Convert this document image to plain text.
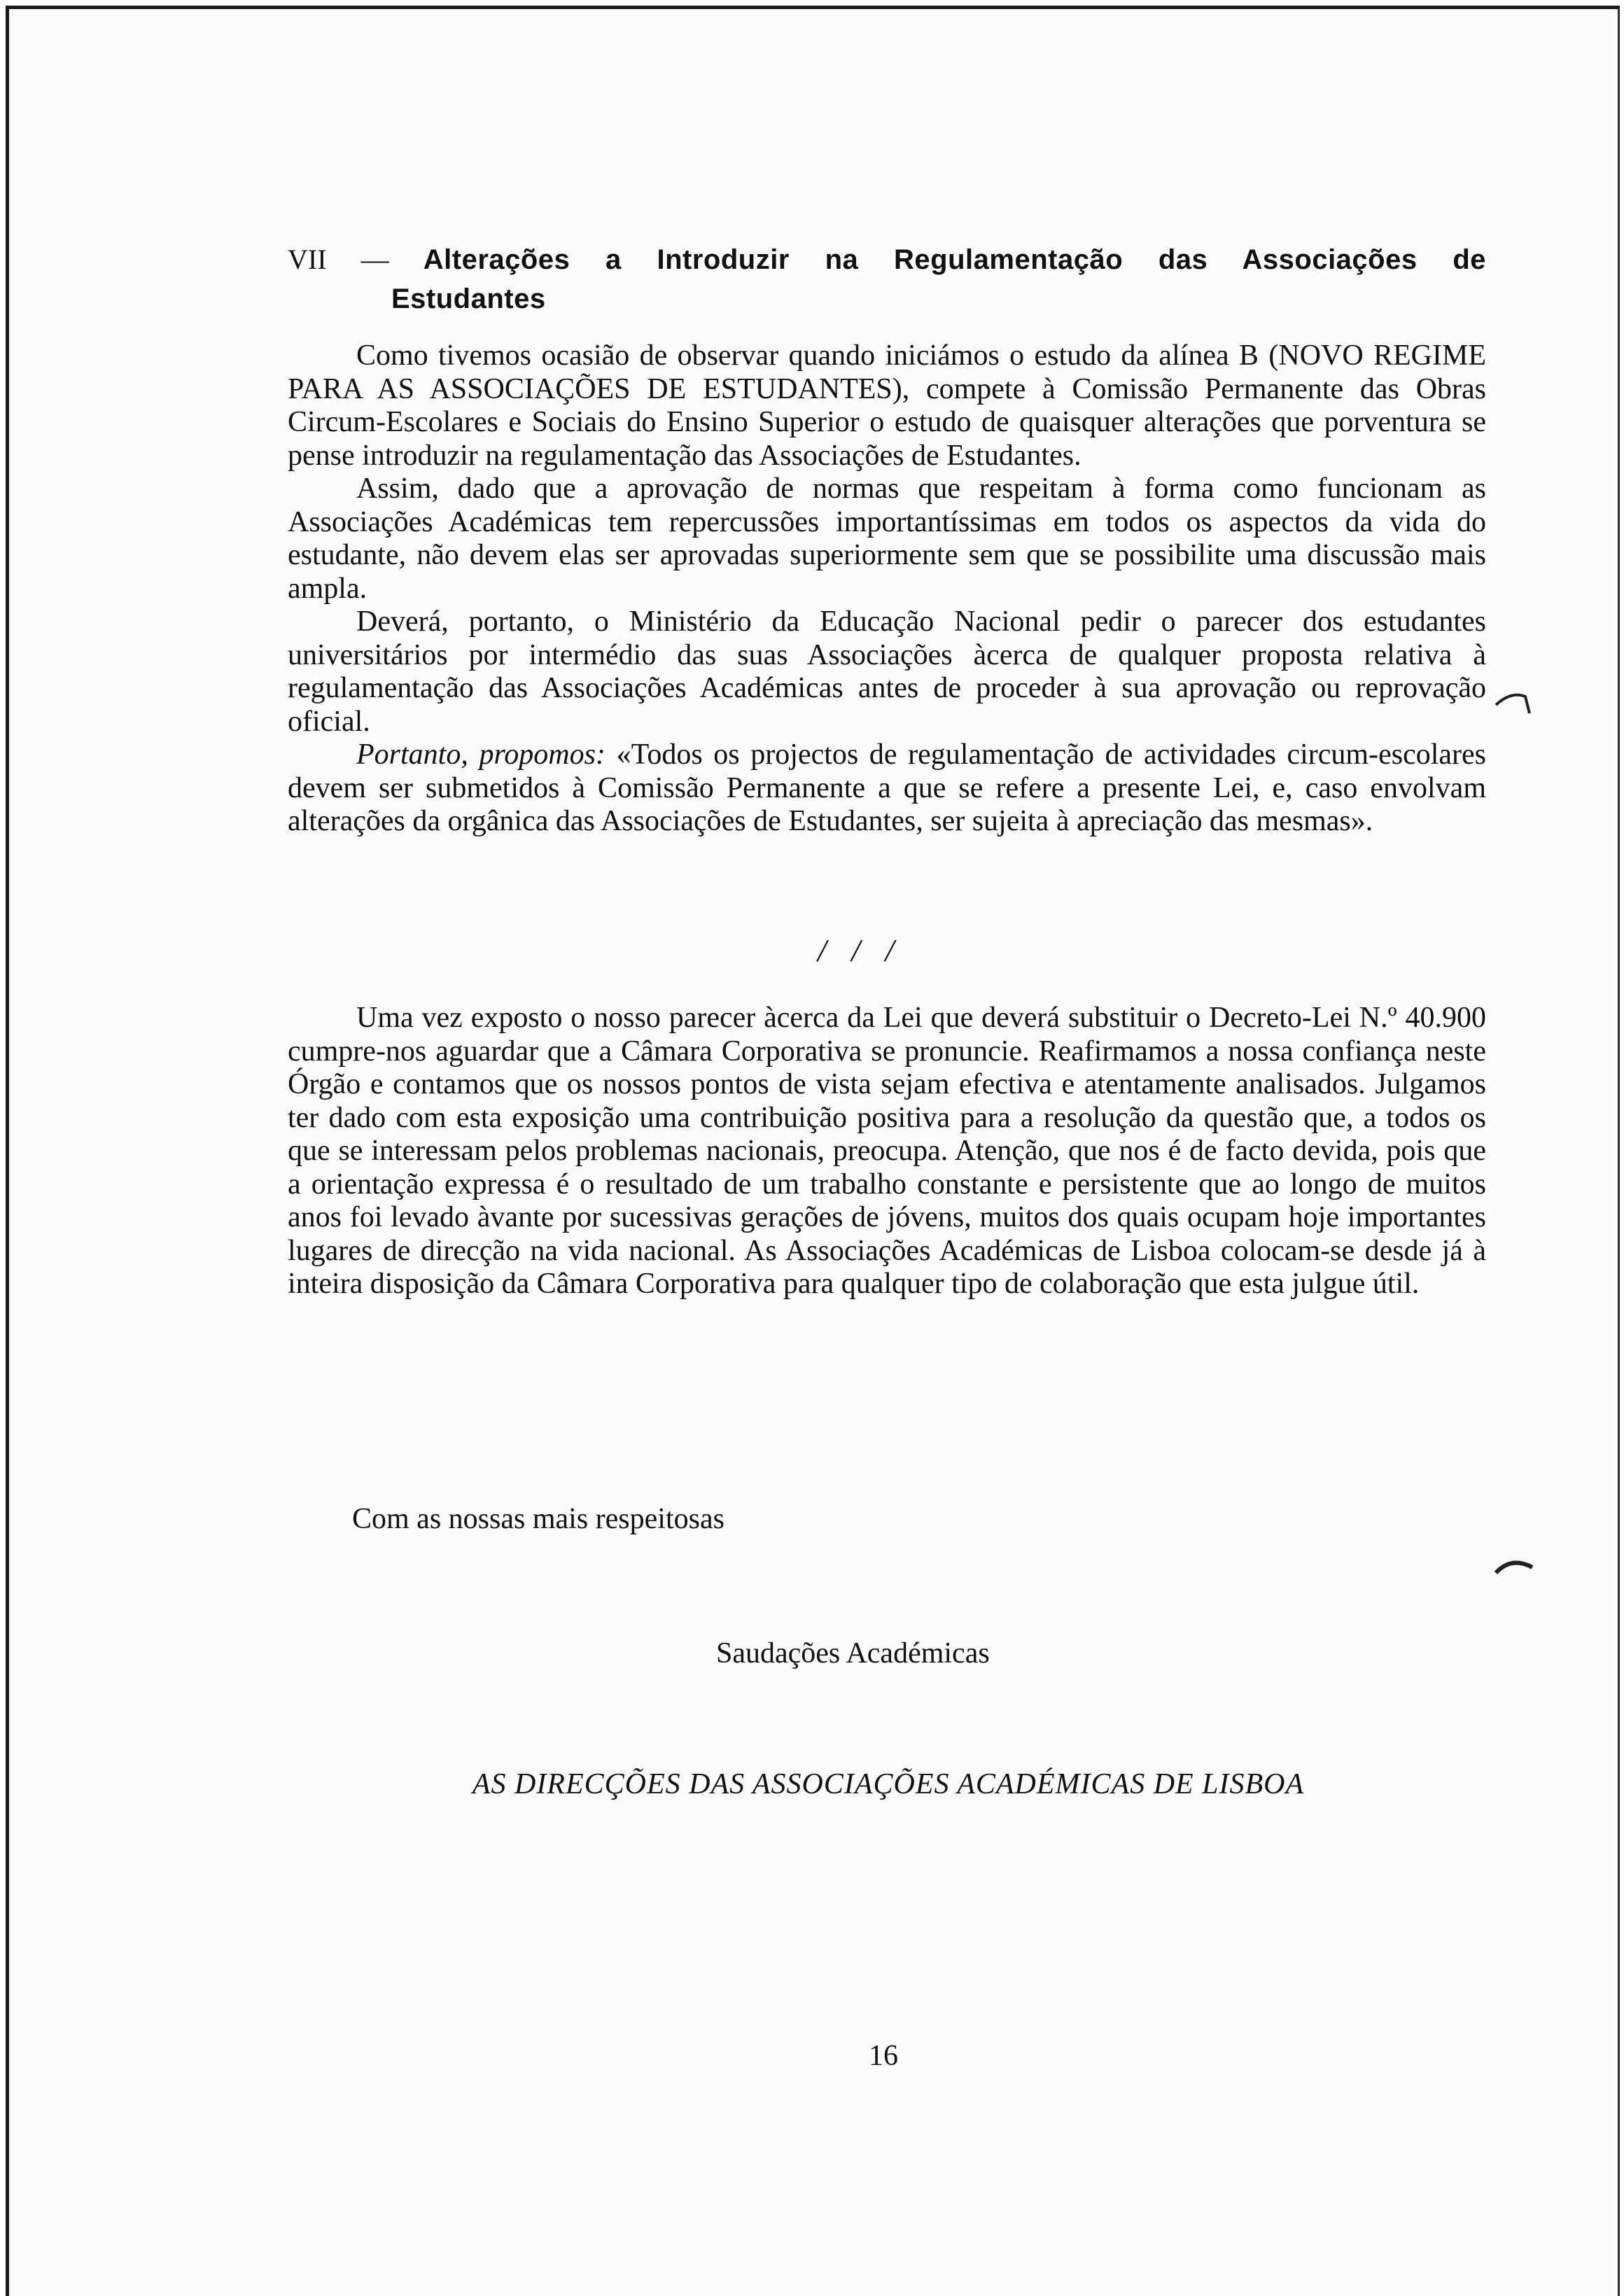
VII — Alterações a Introduzir na Regulamentação das Associações de
Estudantes

Como tivemos ocasião de observar quando iniciámos o estudo da alínea B (NOVO REGIME PARA AS ASSOCIAÇÕES DE ESTUDANTES), compete à Comissão Permanente das Obras Circum-Escolares e Sociais do Ensino Superior o estudo de quaisquer alterações que porventura se pense introduzir na regulamentação das Associações de Estudantes.

Assim, dado que a aprovação de normas que respeitam à forma como funcionam as Associações Académicas tem repercussões importantíssimas em todos os aspectos da vida do estudante, não devem elas ser aprovadas superiormente sem que se possibilite uma discussão mais ampla.

Deverá, portanto, o Ministério da Educação Nacional pedir o parecer dos estudantes universitários por intermédio das suas Associações àcerca de qualquer proposta relativa à regulamentação das Associações Académicas antes de proceder à sua aprovação ou reprovação oficial.

Portanto, propomos: «Todos os projectos de regulamentação de actividades circum-escolares devem ser submetidos à Comissão Permanente a que se refere a presente Lei, e, caso envolvam alterações da orgânica das Associações de Estudantes, ser sujeita à apreciação das mesmas».

/ / /

Uma vez exposto o nosso parecer àcerca da Lei que deverá substituir o Decreto-Lei N.º 40.900 cumpre-nos aguardar que a Câmara Corporativa se pronuncie. Reafirmamos a nossa confiança neste Órgão e contamos que os nossos pontos de vista sejam efectiva e atentamente analisados. Julgamos ter dado com esta exposição uma contribuição positiva para a resolução da questão que, a todos os que se interessam pelos problemas nacionais, preocupa. Atenção, que nos é de facto devida, pois que a orientação expressa é o resultado de um trabalho constante e persistente que ao longo de muitos anos foi levado àvante por sucessivas gerações de jóvens, muitos dos quais ocupam hoje importantes lugares de direcção na vida nacional. As Associações Académicas de Lisboa colocam-se desde já à inteira disposição da Câmara Corporativa para qualquer tipo de colaboração que esta julgue útil.

Com as nossas mais respeitosas
Saudações Académicas
AS DIRECÇÕES DAS ASSOCIAÇÕES ACADÉMICAS DE LISBOA
16
